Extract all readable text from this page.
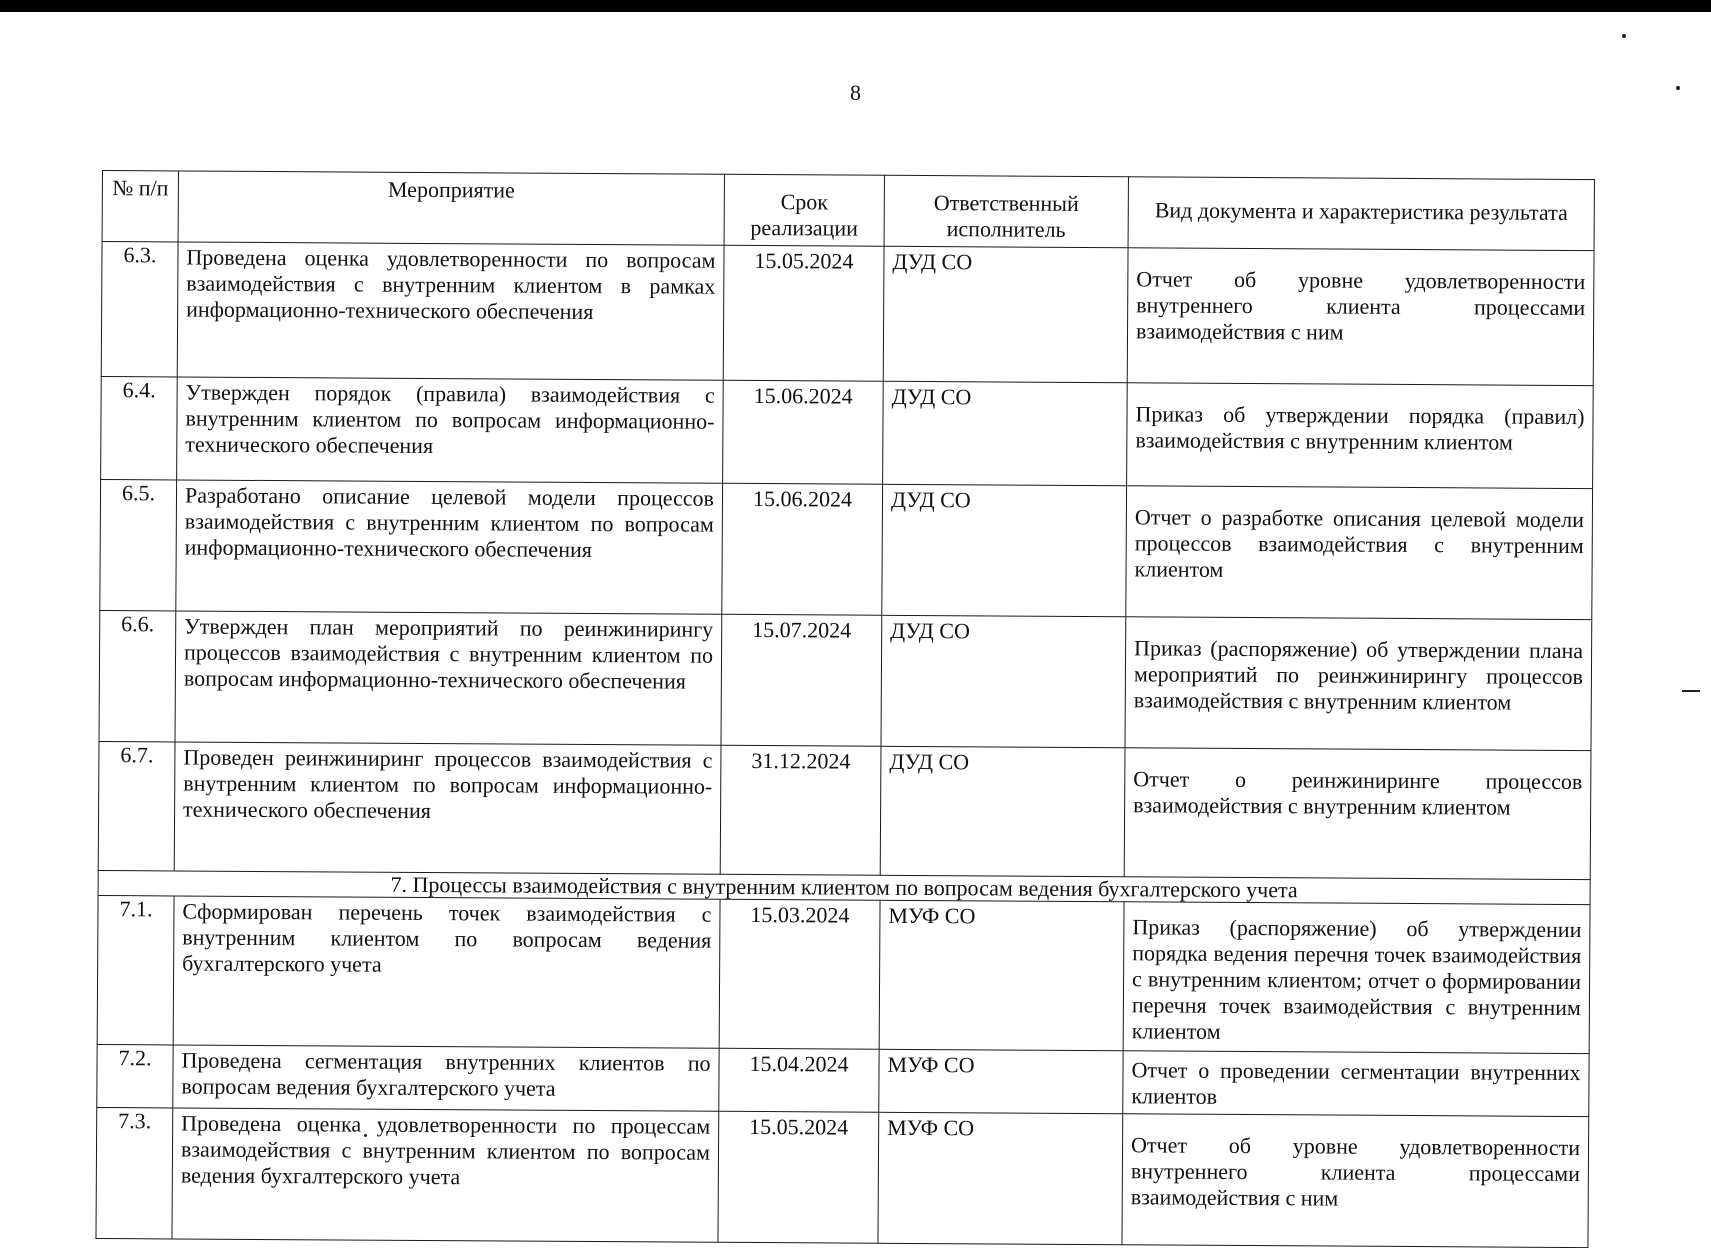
8
№ п/п	Мероприятие	Срок реализации	Ответственный исполнитель	Вид документа и характеристика результата
6.3.	Проведена оценка удовлетворенности по вопросам взаимодействия с внутренним клиентом в рамках информационно-технического обеспечения	15.05.2024	ДУД СО	Отчет об уровне удовлетворенности внутреннего клиента процессами взаимодействия с ним
6.4.	Утвержден порядок (правила) взаимодействия с внутренним клиентом по вопросам информационно-технического обеспечения	15.06.2024	ДУД СО	Приказ об утверждении порядка (правил) взаимодействия с внутренним клиентом
6.5.	Разработано описание целевой модели процессов взаимодействия с внутренним клиентом по вопросам информационно-технического обеспечения	15.06.2024	ДУД СО	Отчет о разработке описания целевой модели процессов взаимодействия с внутренним клиентом
6.6.	Утвержден план мероприятий по реинжинирингу процессов взаимодействия с внутренним клиентом по вопросам информационно-технического обеспечения	15.07.2024	ДУД СО	Приказ (распоряжение) об утверждении плана мероприятий по реинжинирингу процессов взаимодействия с внутренним клиентом
6.7.	Проведен реинжиниринг процессов взаимодействия с внутренним клиентом по вопросам информационно-технического обеспечения	31.12.2024	ДУД СО	Отчет о реинжиниринге процессов взаимодействия с внутренним клиентом
7. Процессы взаимодействия с внутренним клиентом по вопросам ведения бухгалтерского учета				
7.1.	Сформирован перечень точек взаимодействия с внутренним клиентом по вопросам ведения бухгалтерского учета	15.03.2024	МУФ СО	Приказ (распоряжение) об утверждении порядка ведения перечня точек взаимодействия с внутренним клиентом; отчет о формировании перечня точек взаимодействия с внутренним клиентом
7.2.	Проведена сегментация внутренних клиентов по вопросам ведения бухгалтерского учета	15.04.2024	МУФ СО	Отчет о проведении сегментации внутренних клиентов
7.3.	Проведена оценка удовлетворенности по процессам взаимодействия с внутренним клиентом по вопросам ведения бухгалтерского учета	15.05.2024	МУФ СО	Отчет об уровне удовлетворенности внутреннего клиента процессами взаимодействия с ним
